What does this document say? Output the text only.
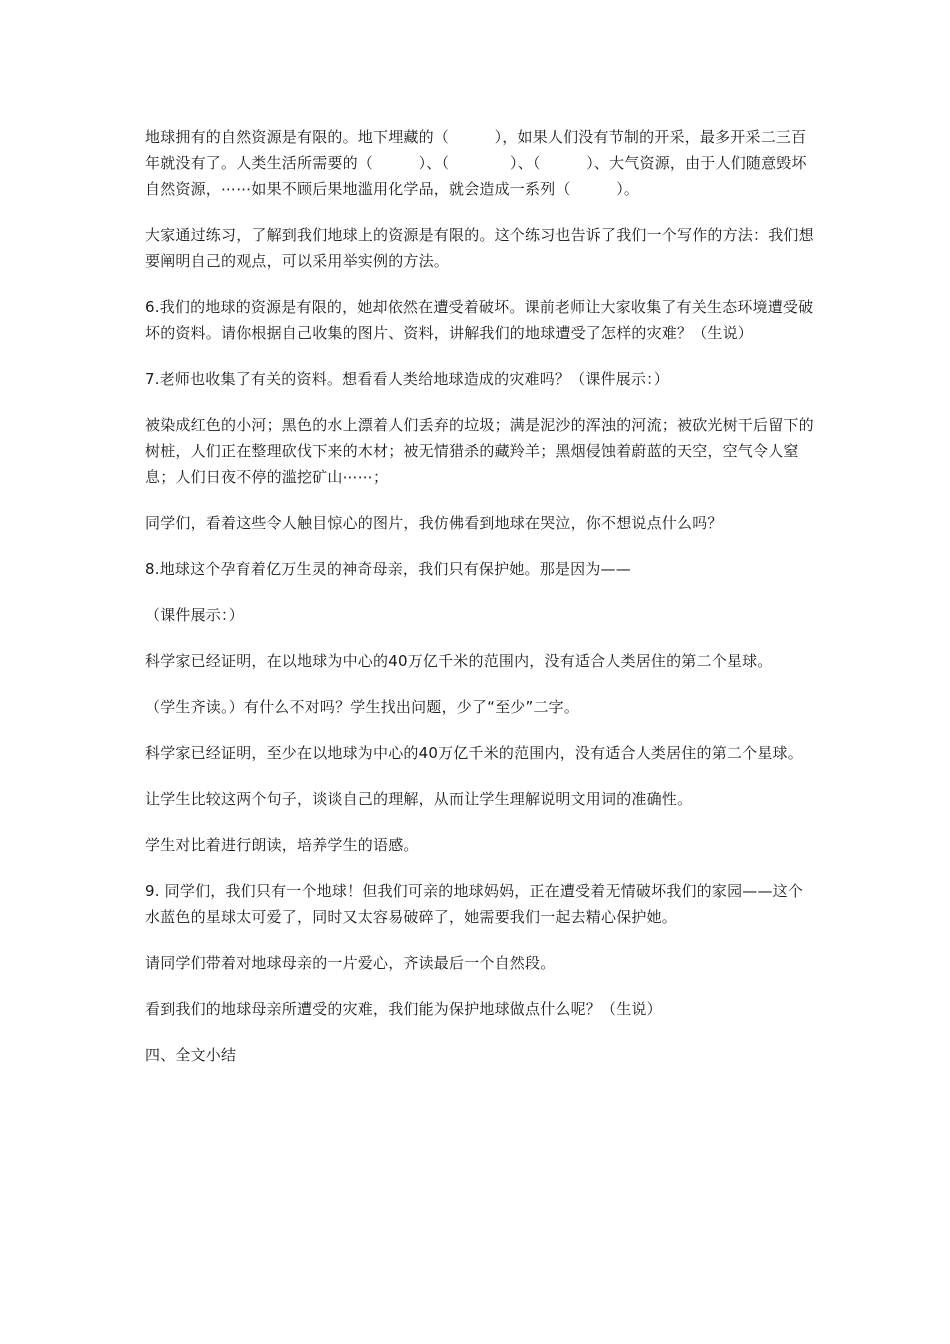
地球拥有的自然资源是有限的。地下埋藏的（　　　），如果人们没有节制的开采，最多开采二三百年就没有了。人类生活所需要的（　　　）、（　　　　）、（　　　）、大气资源，由于人们随意毁坏自然资源，⋯⋯如果不顾后果地滥用化学品，就会造成一系列（　　　）。

大家通过练习，了解到我们地球上的资源是有限的。这个练习也告诉了我们一个写作的方法：我们想要阐明自己的观点，可以采用举实例的方法。

6.我们的地球的资源是有限的，她却依然在遭受着破坏。课前老师让大家收集了有关生态环境遭受破坏的资料。请你根据自己收集的图片、资料，讲解我们的地球遭受了怎样的灾难？（生说）

7.老师也收集了有关的资料。想看看人类给地球造成的灾难吗？（课件展示：）

被染成红色的小河；黑色的水上漂着人们丢弃的垃圾；满是泥沙的浑浊的河流；被砍光树干后留下的树桩，人们正在整理砍伐下来的木材；被无情猎杀的藏羚羊；黑烟侵蚀着蔚蓝的天空，空气令人窒息；人们日夜不停的滥挖矿山⋯⋯；

同学们，看着这些令人触目惊心的图片，我仿佛看到地球在哭泣，你不想说点什么吗？

8.地球这个孕育着亿万生灵的神奇母亲，我们只有保护她。那是因为——

（课件展示：）

科学家已经证明，在以地球为中心的40万亿千米的范围内，没有适合人类居住的第二个星球。

（学生齐读。）有什么不对吗？学生找出问题，少了“至少”二字。

科学家已经证明，至少在以地球为中心的40万亿千米的范围内，没有适合人类居住的第二个星球。

让学生比较这两个句子，谈谈自己的理解，从而让学生理解说明文用词的准确性。

学生对比着进行朗读，培养学生的语感。

9. 同学们，我们只有一个地球！但我们可亲的地球妈妈，正在遭受着无情破坏我们的家园——这个水蓝色的星球太可爱了，同时又太容易破碎了，她需要我们一起去精心保护她。

请同学们带着对地球母亲的一片爱心，齐读最后一个自然段。

看到我们的地球母亲所遭受的灾难，我们能为保护地球做点什么呢？（生说）

四、全文小结
